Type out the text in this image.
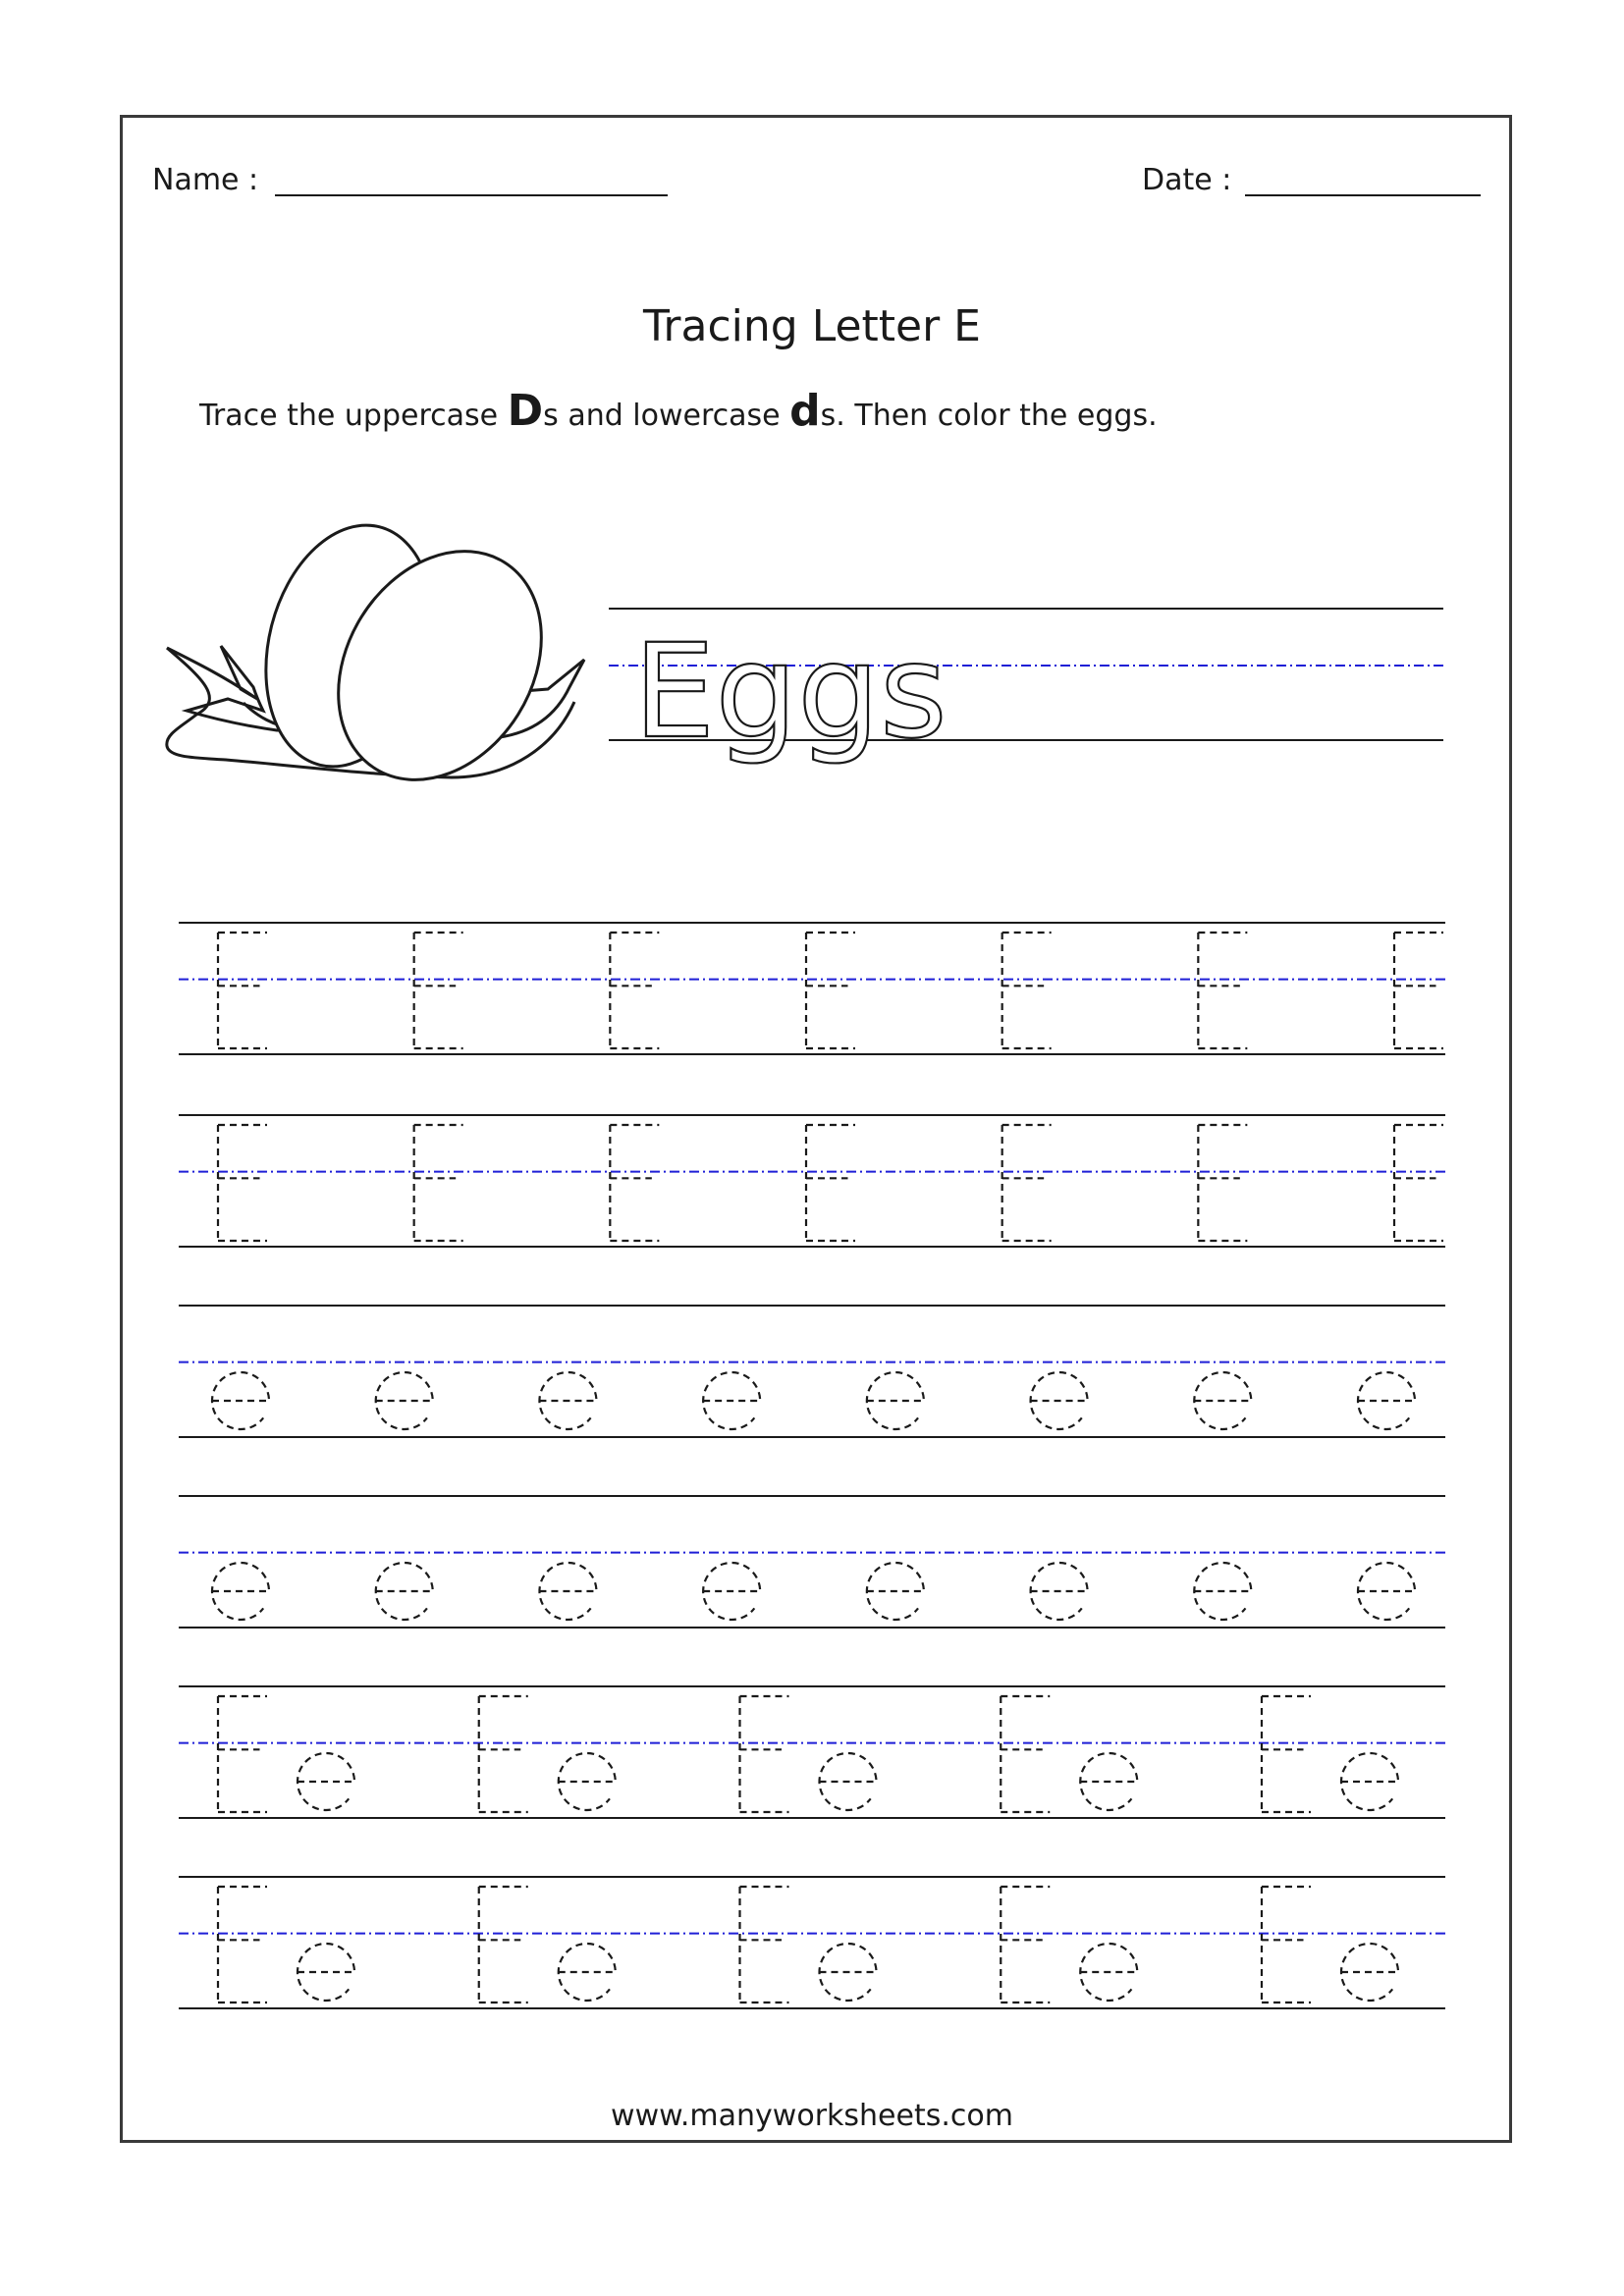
Name :	Date :
Tracing Letter E
Trace the uppercase Ds and lowercase ds. Then color the eggs.
www.manyworksheets.com
Eggs
